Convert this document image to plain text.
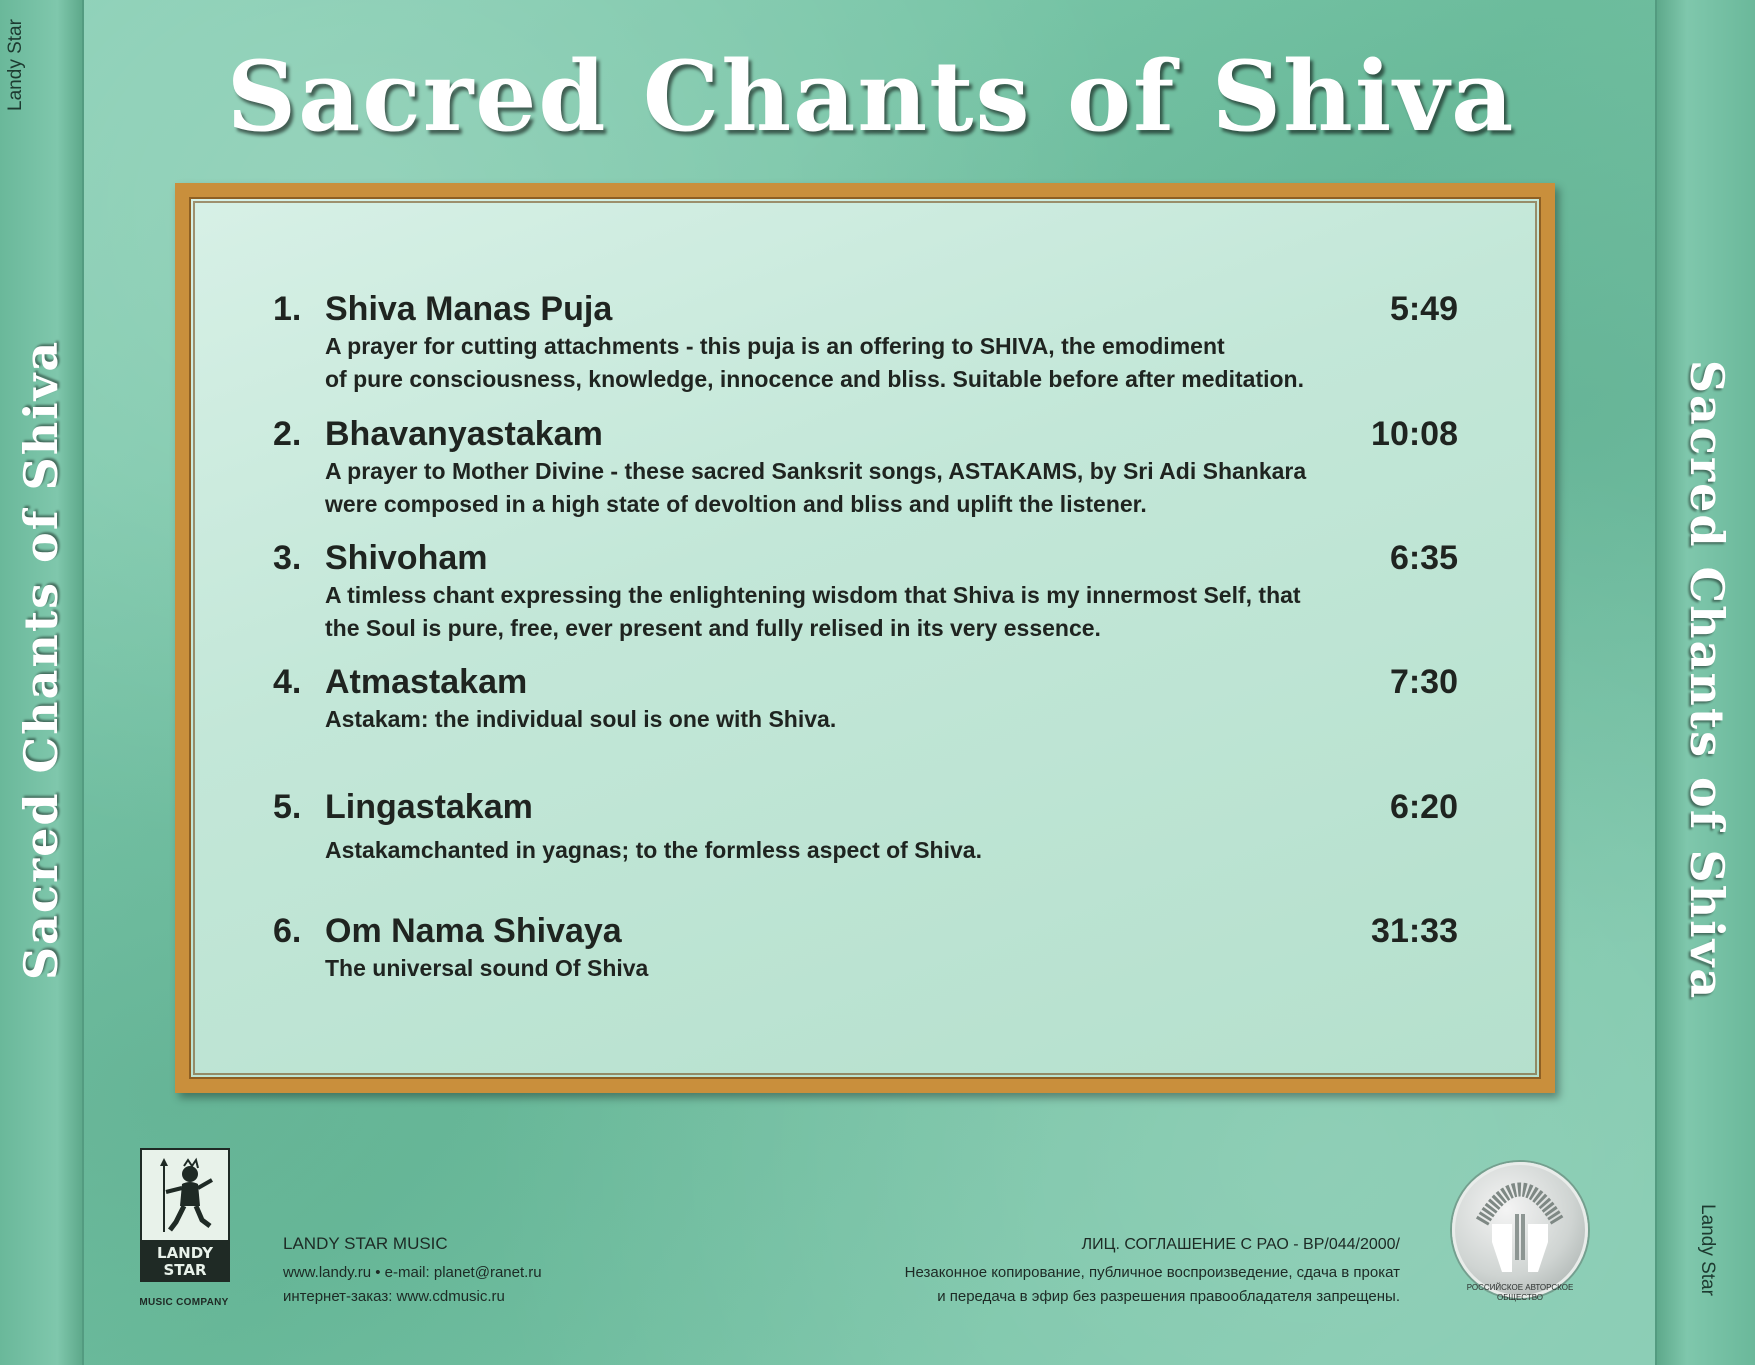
Landy Star
Sacred Chants of Shiva	Sacred Chants of Shiva
Landy Star
Sacred Chants of Shiva
1. Shiva Manas Puja	5:49
A prayer for cutting attachments - this puja is an offering to SHIVA, the emodiment
of pure consciousness, knowledge, innocence and bliss. Suitable before after meditation.
2. Bhavanyastakam	10:08
A prayer to Mother Divine - these sacred Sanksrit songs, ASTAKAMS, by Sri Adi Shankara
were composed in a high state of devoltion and bliss and uplift the listener.
3. Shivoham	6:35
A timless chant expressing the enlightening wisdom that Shiva is my innermost Self, that
the Soul is pure, free, ever present and fully relised in its very essence.
4. Atmastakam	7:30
Astakam: the individual soul is one with Shiva.
5. Lingastakam	6:20
Astakamchanted in yagnas; to the formless aspect of Shiva.
6. Om Nama Shivaya	31:33
The universal sound Of Shiva
LANDY
STAR
MUSIC COMPANY
LANDY STAR MUSIC
www.landy.ru • e-mail: planet@ranet.ru
интернет-заказ: www.cdmusic.ru
ЛИЦ. СОГЛАШЕНИЕ С РАО - ВР/044/2000/
Незаконное копирование, публичное воспроизведение, сдача в прокат
и передача в эфир без разрешения правообладателя запрещены.
РОССИЙСКОЕ АВТОРСКОЕ ОБЩЕСТВО
